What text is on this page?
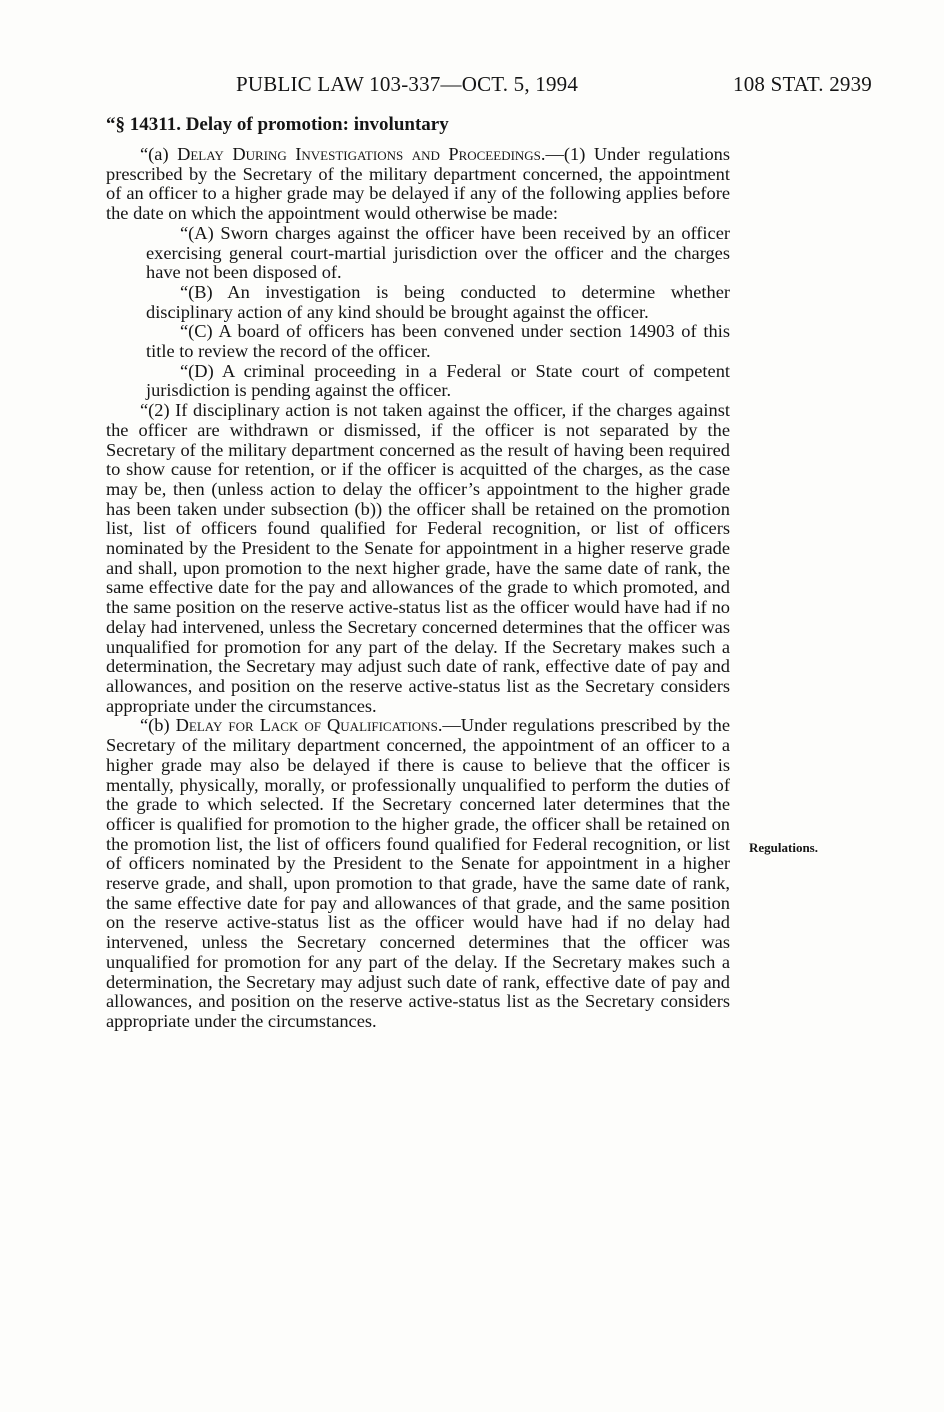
PUBLIC LAW 103-337—OCT. 5, 1994	108 STAT. 2939
“§ 14311. Delay of promotion: involuntary

“(a) Delay During Investigations and Proceedings.—(1) Under regulations prescribed by the Secretary of the military department concerned, the appointment of an officer to a higher grade may be delayed if any of the following applies before the date on which the appointment would otherwise be made:

“(A) Sworn charges against the officer have been received by an officer exercising general court-martial jurisdiction over the officer and the charges have not been disposed of.

“(B) An investigation is being conducted to determine whether disciplinary action of any kind should be brought against the officer.

“(C) A board of officers has been convened under section 14903 of this title to review the record of the officer.

“(D) A criminal proceeding in a Federal or State court of competent jurisdiction is pending against the officer.

“(2) If disciplinary action is not taken against the officer, if the charges against the officer are withdrawn or dismissed, if the officer is not separated by the Secretary of the military department concerned as the result of having been required to show cause for retention, or if the officer is acquitted of the charges, as the case may be, then (unless action to delay the officer’s appointment to the higher grade has been taken under subsection (b)) the officer shall be retained on the promotion list, list of officers found qualified for Federal recognition, or list of officers nominated by the President to the Senate for appointment in a higher reserve grade and shall, upon promotion to the next higher grade, have the same date of rank, the same effective date for the pay and allowances of the grade to which promoted, and the same position on the reserve active-status list as the officer would have had if no delay had intervened, unless the Secretary concerned determines that the officer was unqualified for promotion for any part of the delay. If the Secretary makes such a determination, the Secretary may adjust such date of rank, effective date of pay and allowances, and position on the reserve active-status list as the Secretary considers appropriate under the circumstances.

“(b) Delay for Lack of Qualifications.—Under regulations prescribed by the Secretary of the military department concerned, the appointment of an officer to a higher grade may also be delayed if there is cause to believe that the officer is mentally, physically, morally, or professionally unqualified to perform the duties of the grade to which selected. If the Secretary concerned later determines that the officer is qualified for promotion to the higher grade, the officer shall be retained on the promotion list, the list of officers found qualified for Federal recognition, or list of officers nominated by the President to the Senate for appointment in a higher reserve grade, and shall, upon promotion to that grade, have the same date of rank, the same effective date for pay and allowances of that grade, and the same position on the reserve active-status list as the officer would have had if no delay had intervened, unless the Secretary concerned determines that the officer was unqualified for promotion for any part of the delay. If the Secretary makes such a determination, the Secretary may adjust such date of rank, effective date of pay and allowances, and position on the reserve active-status list as the Secretary considers appropriate under the circumstances.

Regulations.
